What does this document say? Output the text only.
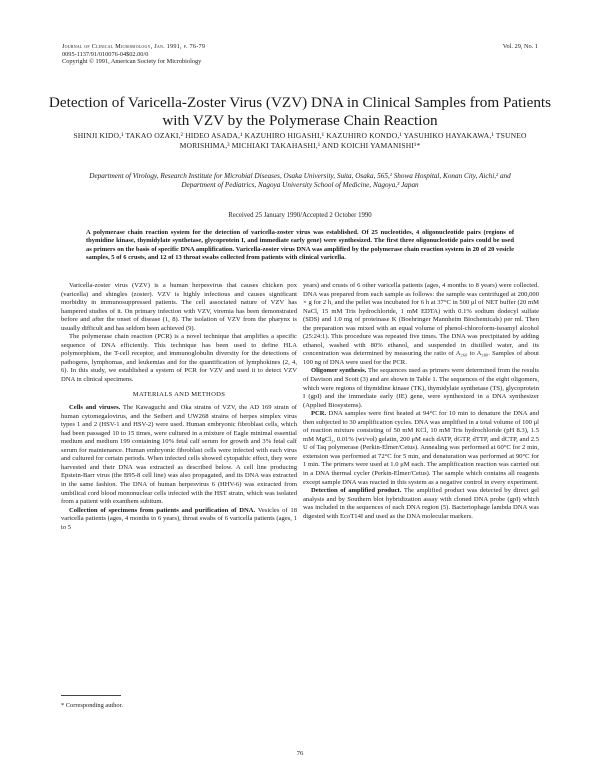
Journal of Clinical Microbiology, Jan. 1991, p. 76-79
0095-1137/91/010076-04$02.00/0
Copyright © 1991, American Society for Microbiology
Vol. 29, No. 1
Detection of Varicella-Zoster Virus (VZV) DNA in Clinical Samples from Patients with VZV by the Polymerase Chain Reaction
SHINJI KIDO,¹ TAKAO OZAKI,² HIDEO ASADA,¹ KAZUHIRO HIGASHI,¹ KAZUHIRO KONDO,¹ YASUHIKO HAYAKAWA,¹ TSUNEO MORISHIMA,³ MICHIAKI TAKAHASHI,¹ AND KOICHI YAMANISHI¹*
Department of Virology, Research Institute for Microbial Diseases, Osaka University, Suita, Osaka, 565,¹ Showa Hospital, Konan City, Aichi,² and Department of Pediatrics, Nagoya University School of Medicine, Nagoya,³ Japan
Received 25 January 1990/Accepted 2 October 1990
A polymerase chain reaction system for the detection of varicella-zoster virus was established. Of 25 nucleotides, 4 oligonucleotide pairs (regions of thymidine kinase, thymidylate synthetase, glycoprotein I, and immediate early gene) were synthesized. The first three oligonucleotide pairs could be used as primers on the basis of specific DNA amplification. Varicella-zoster virus DNA was amplified by the polymerase chain reaction system in 20 of 20 vesicle samples, 5 of 6 crusts, and 12 of 13 throat swabs collected from patients with clinical varicella.

Varicella-zoster virus (VZV) is a human herpesvirus that causes chicken pox (varicella) and shingles (zoster). VZV is highly infectious and causes significant morbidity in immunosuppressed patients. The cell associated nature of VZV has hampered studies of it. On primary infection with VZV, viremia has been demonstrated before and after the onset of disease (1, 8). The isolation of VZV from the pharynx is usually difficult and has seldom been achieved (9).

The polymerase chain reaction (PCR) is a novel technique that amplifies a specific sequence of DNA efficiently. This technique has been used to define HLA polymorphism, the T-cell receptor, and immunoglobulin diversity for the detections of pathogens, lymphomas, and leukemias and for the quantification of lymphokines (2, 4, 6). In this study, we established a system of PCR for VZV and used it to detect VZV DNA in clinical specimens.

MATERIALS AND METHODS

Cells and viruses. The Kawaguchi and Oka strains of VZV, the AD 169 strain of human cytomegalovirus, and the Seibert and UW268 strains of herpes simplex virus types 1 and 2 (HSV-1 and HSV-2) were used. Human embryonic fibroblast cells, which had been passaged 10 to 15 times, were cultured in a mixture of Eagle minimal essential medium and medium 199 containing 10% fetal calf serum for growth and 3% fetal calf serum for maintenance. Human embryonic fibroblast cells were infected with each virus and cultured for certain periods. When infected cells showed cytopathic effect, they were harvested and their DNA was extracted as described below. A cell line producing Epstein-Barr virus (the B95-8 cell line) was also propagated, and its DNA was extracted in the same fashion. The DNA of human herpesvirus 6 (HHV-6) was extracted from umbilical cord blood mononuclear cells infected with the HST strain, which was isolated from a patient with exanthem subitum.

Collection of specimens from patients and purification of DNA. Vesicles of 18 varicella patients (ages, 4 months to 6 years), throat swabs of 6 varicella patients (ages, 1 to 5

years) and crusts of 6 other varicella patients (ages, 4 months to 8 years) were collected. DNA was prepared from each sample as follows: the sample was centrifuged at 200,000 × g for 2 h, and the pellet was incubated for 6 h at 37°C in 500 μl of NET buffer (20 mM NaCl, 15 mM Tris hydrochloride, 1 mM EDTA) with 0.1% sodium dodecyl sulfate (SDS) and 1.0 mg of proteinase K (Boehringer Mannheim Biochemicals) per ml. Then the preparation was mixed with an equal volume of phenol-chloroform-isoamyl alcohol (25:24:1). This procedure was repeated five times. The DNA was precipitated by adding ethanol, washed with 80% ethanol, and suspended in distilled water, and its concentration was determined by measuring the ratio of A₂₆₀ to A₂₈₀. Samples of about 100 ng of DNA were used for the PCR.

Oligomer synthesis. The sequences used as primers were determined from the results of Davison and Scott (3) and are shown in Table 1. The sequences of the eight oligomers, which were regions of thymidine kinase (TK), thymidylate synthetase (TS), glycoprotein I (gpI) and the immediate early (IE) gene, were synthesized in a DNA synthesizer (Applied Biosystems).

PCR. DNA samples were first heated at 94°C for 10 min to denature the DNA and then subjected to 30 amplification cycles. DNA was amplified in a total volume of 100 μl of reaction mixture consisting of 50 mM KCl, 10 mM Tris hydrochloride (pH 8.3), 1.5 mM MgCl₂, 0.01% (wt/vol) gelatin, 200 μM each dATP, dGTP, dTTP, and dCTP, and 2.5 U of Taq polymerase (Perkin-Elmer/Cetus). Annealing was performed at 60°C for 2 min, extension was performed at 72°C for 5 min, and denaturation was performed at 90°C for 1 min. The primers were used at 1.0 μM each. The amplification reaction was carried out in a DNA thermal cycler (Perkin-Elmer/Cetus). The sample which contains all reagents except sample DNA was reacted in this system as a negative control in every experiment.

Detection of amplified product. The amplified product was detected by direct gel analysis and by Southern blot hybridization assay with cloned DNA probe (gpI) which was included in the sequences of each DNA region (5). Bacteriophage lambda DNA was digested with EcoT14I and used as the DNA molecular markers.

* Corresponding author.
76
